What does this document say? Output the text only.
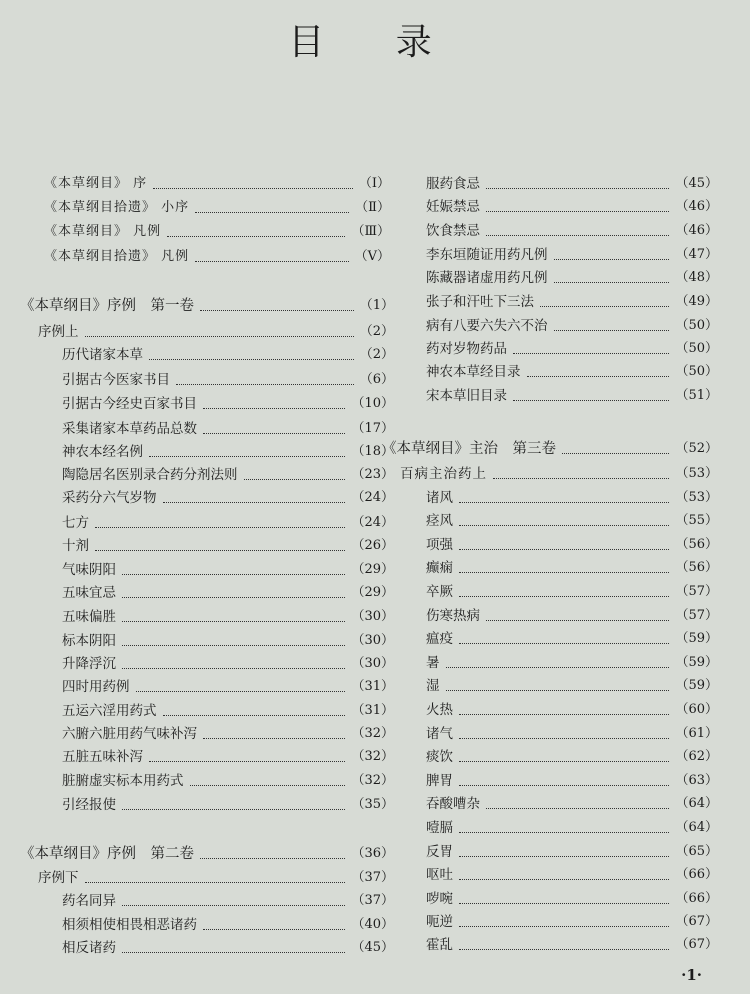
目 录
《本草纲目》 序	（Ⅰ）
《本草纲目拾遗》 小序	（Ⅱ）
《本草纲目》 凡例	（Ⅲ）
《本草纲目拾遗》 凡例	（Ⅴ）
《本草纲目》序例　第一卷	（1）
序例上	（2）
历代诸家本草	（2）
引据古今医家书目	（6）
引据古今经史百家书目	（10）
采集诸家本草药品总数	（17）
神农本经名例	（18）
陶隐居名医别录合药分剂法则	（23）
采药分六气岁物	（24）
七方	（24）
十剂	（26）
气味阴阳	（29）
五味宜忌	（29）
五味偏胜	（30）
标本阴阳	（30）
升降浮沉	（30）
四时用药例	（31）
五运六淫用药式	（31）
六腑六脏用药气味补泻	（32）
五脏五味补泻	（32）
脏腑虚实标本用药式	（32）
引经报使	（35）
《本草纲目》序例　第二卷	（36）
序例下	（37）
药名同异	（37）
相须相使相畏相恶诸药	（40）
相反诸药	（45）
服药食忌	（45）
妊娠禁忌	（46）
饮食禁忌	（46）
李东垣随证用药凡例	（47）
陈藏器诸虚用药凡例	（48）
张子和汗吐下三法	（49）
病有八要六失六不治	（50）
药对岁物药品	（50）
神农本草经目录	（50）
宋本草旧目录	（51）
《本草纲目》主治　第三卷	（52）
百病主治药上	（53）
诸风	（53）
痉风	（55）
项强	（56）
癫痫	（56）
卒厥	（57）
伤寒热病	（57）
瘟疫	（59）
暑	（59）
湿	（59）
火热	（60）
诸气	（61）
痰饮	（62）
脾胃	（63）
吞酸嘈杂	（64）
噎膈	（64）
反胃	（65）
呕吐	（66）
哕啘	（66）
呃逆	（67）
霍乱	（67）
·1·
